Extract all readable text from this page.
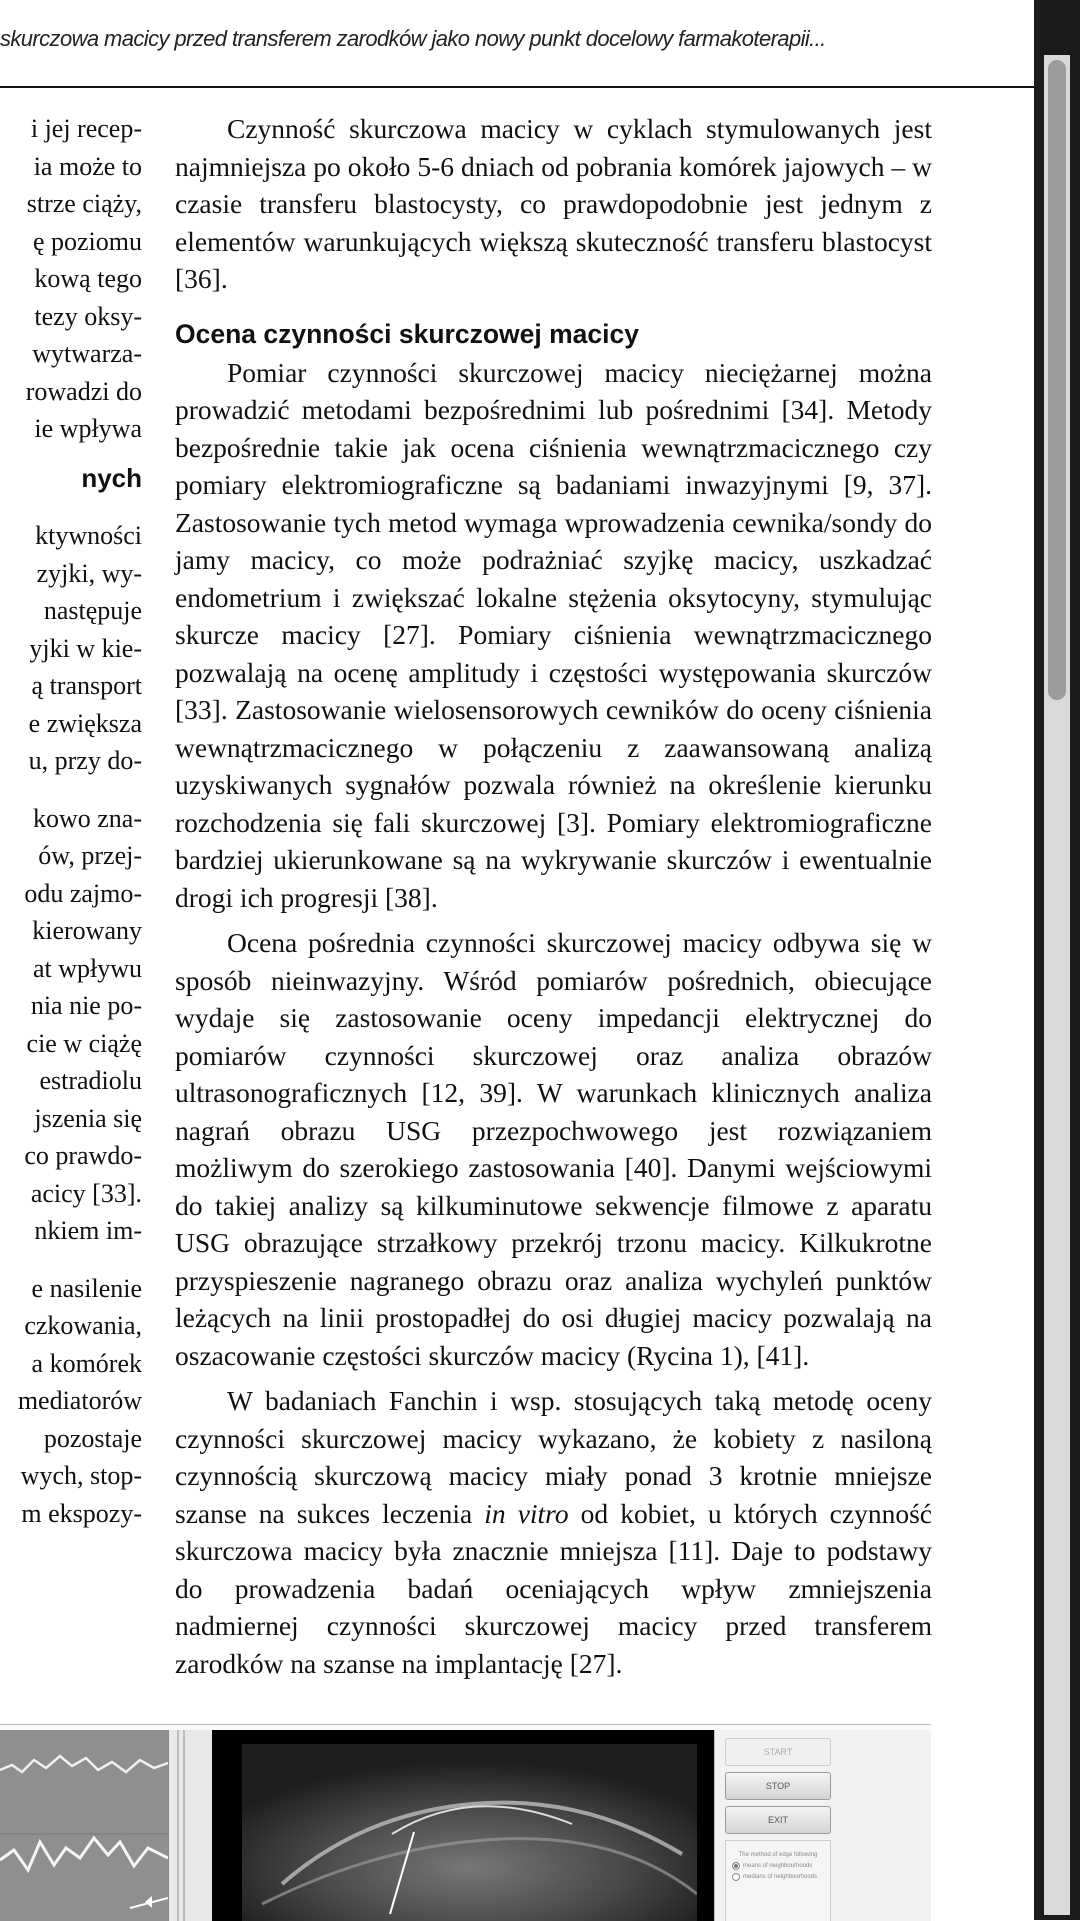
skurczowa macicy przed transferem zarodków jako nowy punkt docelowy farmakoterapii...
i jej recep-
ia może to
strze ciąży,
ę poziomu
kową tego
tezy oksy-
wytwarza-
rowadzi do
ie wpływa
nych
ktywności
zyjki, wy-
następuje
yjki w kie-
ą transport
e zwiększa
u, przy do-
kowo zna-
ów, przej-
odu zajmo-
kierowany
at wpływu
nia nie po-
cie w ciążę
estradiolu
jszenia się
co prawdo-
acicy [33].
nkiem im-
e nasilenie
czkowania,
a komórek
mediatorów
pozostaje
wych, stop-
m ekspozy-

Czynność skurczowa macicy w cyklach stymulowanych jest najmniejsza po około 5-6 dniach od pobrania komórek jajowych – w czasie transferu blastocysty, co prawdopodobnie jest jednym z elementów warunkujących większą skuteczność transferu blastocyst [36].

Ocena czynności skurczowej macicy

Pomiar czynności skurczowej macicy nieciężarnej można prowadzić metodami bezpośrednimi lub pośrednimi [34]. Metody bezpośrednie takie jak ocena ciśnienia wewnątrzmacicznego czy pomiary elektromiograficzne są badaniami inwazyjnymi [9, 37]. Zastosowanie tych metod wymaga wprowadzenia cewnika/sondy do jamy macicy, co może podrażniać szyjkę macicy, uszkadzać endometrium i zwiększać lokalne stężenia oksytocyny, stymulując skurcze macicy [27]. Pomiary ciśnienia wewnątrzmacicznego pozwalają na ocenę amplitudy i częstości występowania skurczów [33]. Zastosowanie wielosensorowych cewników do oceny ciśnienia wewnątrzmacicznego w połączeniu z zaawansowaną analizą uzyskiwanych sygnałów pozwala również na określenie kierunku rozchodzenia się fali skurczowej [3]. Pomiary elektromiograficzne bardziej ukierunkowane są na wykrywanie skurczów i ewentualnie drogi ich progresji [38].

Ocena pośrednia czynności skurczowej macicy odbywa się w sposób nieinwazyjny. Wśród pomiarów pośrednich, obiecujące wydaje się zastosowanie oceny impedancji elektrycznej do pomiarów czynności skurczowej oraz analiza obrazów ultrasonograficznych [12, 39]. W warunkach klinicznych analiza nagrań obrazu USG przezpochwowego jest rozwiązaniem możliwym do szerokiego zastosowania [40]. Danymi wejściowymi do takiej analizy są kilkuminutowe sekwencje filmowe z aparatu USG obrazujące strzałkowy przekrój trzonu macicy. Kilkukrotne przyspieszenie nagranego obrazu oraz analiza wychyleń punktów leżących na linii prostopadłej do osi długiej macicy pozwalają na oszacowanie częstości skurczów macicy (Rycina 1), [41].

W badaniach Fanchin i wsp. stosujących taką metodę oceny czynności skurczowej macicy wykazano, że kobiety z nasiloną czynnością skurczową macicy miały ponad 3 krotnie mniejsze szanse na sukces leczenia in vitro od kobiet, u których czynność skurczowa macicy była znacznie mniejsza [11]. Daje to podstawy do prowadzenia badań oceniających wpływ zmniejszenia nadmiernej czynności skurczowej macicy przed transferem zarodków na szanse na implantację [27].

START
STOP
EXIT
The method of edge following
means of neighbourhoods
medians of neighbourhoods
